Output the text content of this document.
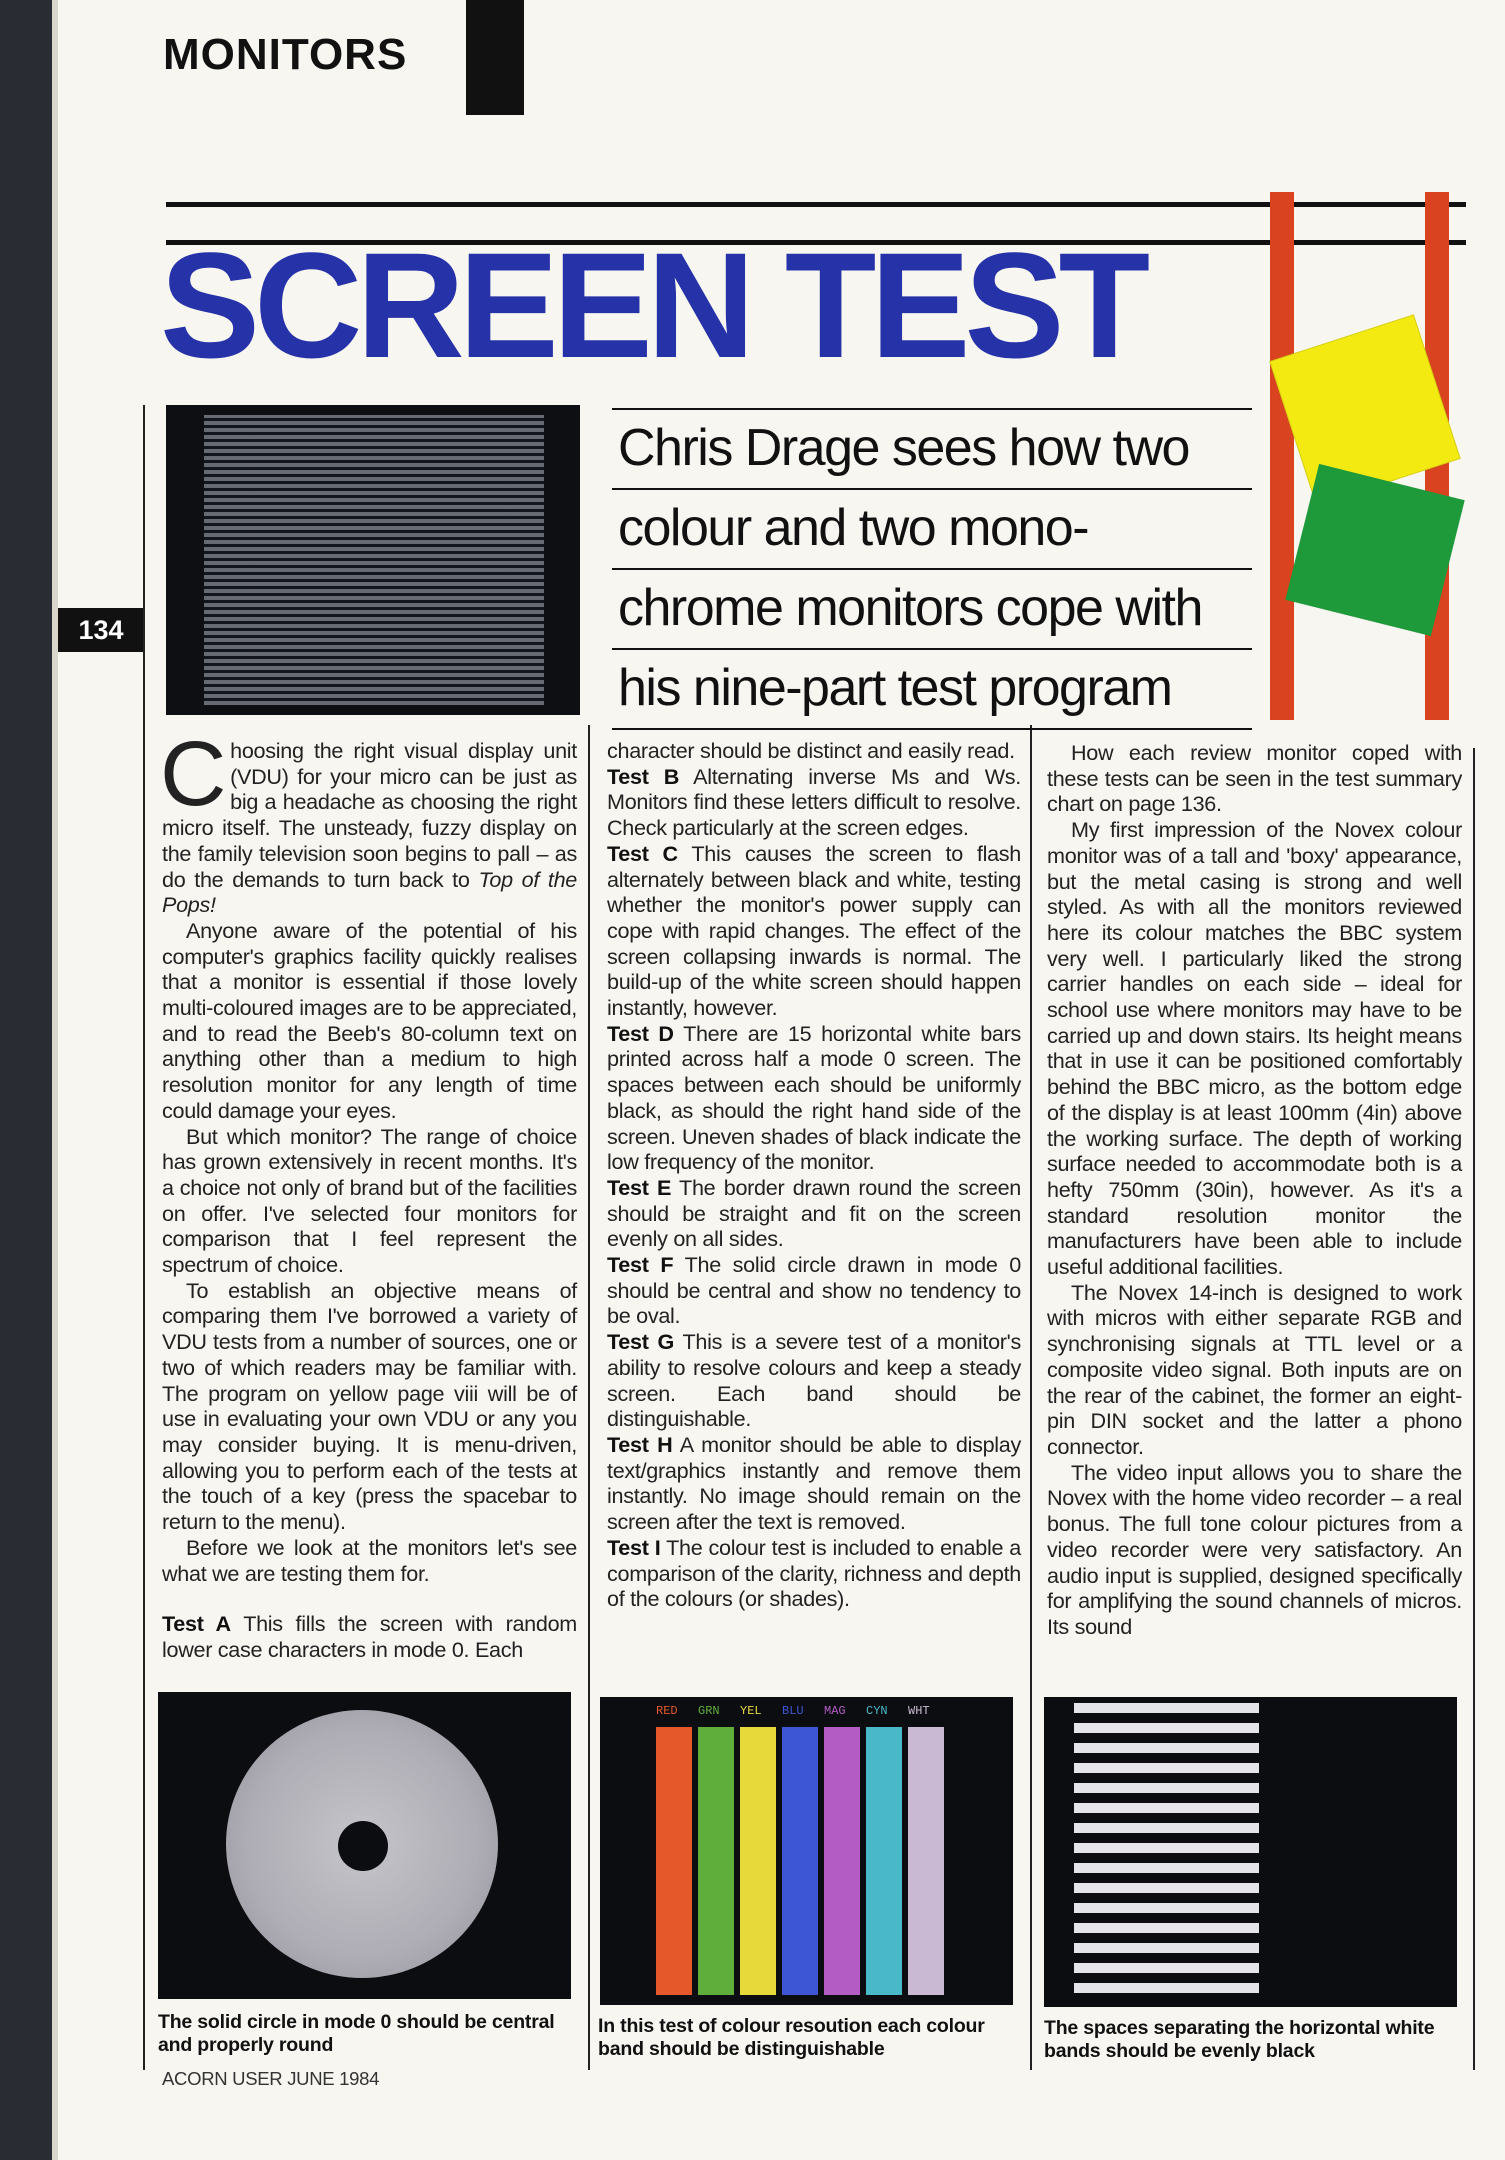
MONITORS
SCREEN TEST
134
Chris Drage sees how two
colour and two mono-
chrome monitors cope with
his nine-part test program

Choosing the right visual display unit (VDU) for your micro can be just as big a headache as choosing the right micro itself. The unsteady, fuzzy display on the family television soon begins to pall – as do the demands to turn back to Top of the Pops!

Anyone aware of the potential of his computer's graphics facility quickly realises that a monitor is essential if those lovely multi-coloured images are to be appreciated, and to read the Beeb's 80-column text on anything other than a medium to high resolution monitor for any length of time could damage your eyes.

But which monitor? The range of choice has grown extensively in recent months. It's a choice not only of brand but of the facilities on offer. I've selected four monitors for comparison that I feel represent the spectrum of choice.

To establish an objective means of comparing them I've borrowed a variety of VDU tests from a number of sources, one or two of which readers may be familiar with. The program on yellow page viii will be of use in evaluating your own VDU or any you may consider buying. It is menu-driven, allowing you to perform each of the tests at the touch of a key (press the spacebar to return to the menu).

Before we look at the monitors let's see what we are testing them for.

Test A This fills the screen with random lower case characters in mode 0. Each

character should be distinct and easily read.

Test B Alternating inverse Ms and Ws. Monitors find these letters difficult to resolve. Check particularly at the screen edges.

Test C This causes the screen to flash alternately between black and white, testing whether the monitor's power supply can cope with rapid changes. The effect of the screen collapsing inwards is normal. The build-up of the white screen should happen instantly, however.

Test D There are 15 horizontal white bars printed across half a mode 0 screen. The spaces between each should be uniformly black, as should the right hand side of the screen. Uneven shades of black indicate the low frequency of the monitor.

Test E The border drawn round the screen should be straight and fit on the screen evenly on all sides.

Test F The solid circle drawn in mode 0 should be central and show no tendency to be oval.

Test G This is a severe test of a monitor's ability to resolve colours and keep a steady screen. Each band should be distinguishable.

Test H A monitor should be able to display text/graphics instantly and remove them instantly. No image should remain on the screen after the text is removed.

Test I The colour test is included to enable a comparison of the clarity, richness and depth of the colours (or shades).

How each review monitor coped with these tests can be seen in the test summary chart on page 136.

My first impression of the Novex colour monitor was of a tall and 'boxy' appearance, but the metal casing is strong and well styled. As with all the monitors reviewed here its colour matches the BBC system very well. I particularly liked the strong carrier handles on each side – ideal for school use where monitors may have to be carried up and down stairs. Its height means that in use it can be positioned comfortably behind the BBC micro, as the bottom edge of the display is at least 100mm (4in) above the working surface. The depth of working surface needed to accommodate both is a hefty 750mm (30in), however. As it's a standard resolution monitor the manufacturers have been able to include useful additional facilities.

The Novex 14-inch is designed to work with micros with either separate RGB and synchronising signals at TTL level or a composite video signal. Both inputs are on the rear of the cabinet, the former an eight-pin DIN socket and the latter a phono connector.

The video input allows you to share the Novex with the home video recorder – a real bonus. The full tone colour pictures from a video recorder were very satisfactory. An audio input is supplied, designed specifically for amplifying the sound channels of micros. Its sound

RED GRN YEL BLU MAG CYN WHT
The solid circle in mode 0 should be central and properly round
In this test of colour resoution each colour band should be distinguishable
The spaces separating the horizontal white bands should be evenly black
ACORN USER JUNE 1984
